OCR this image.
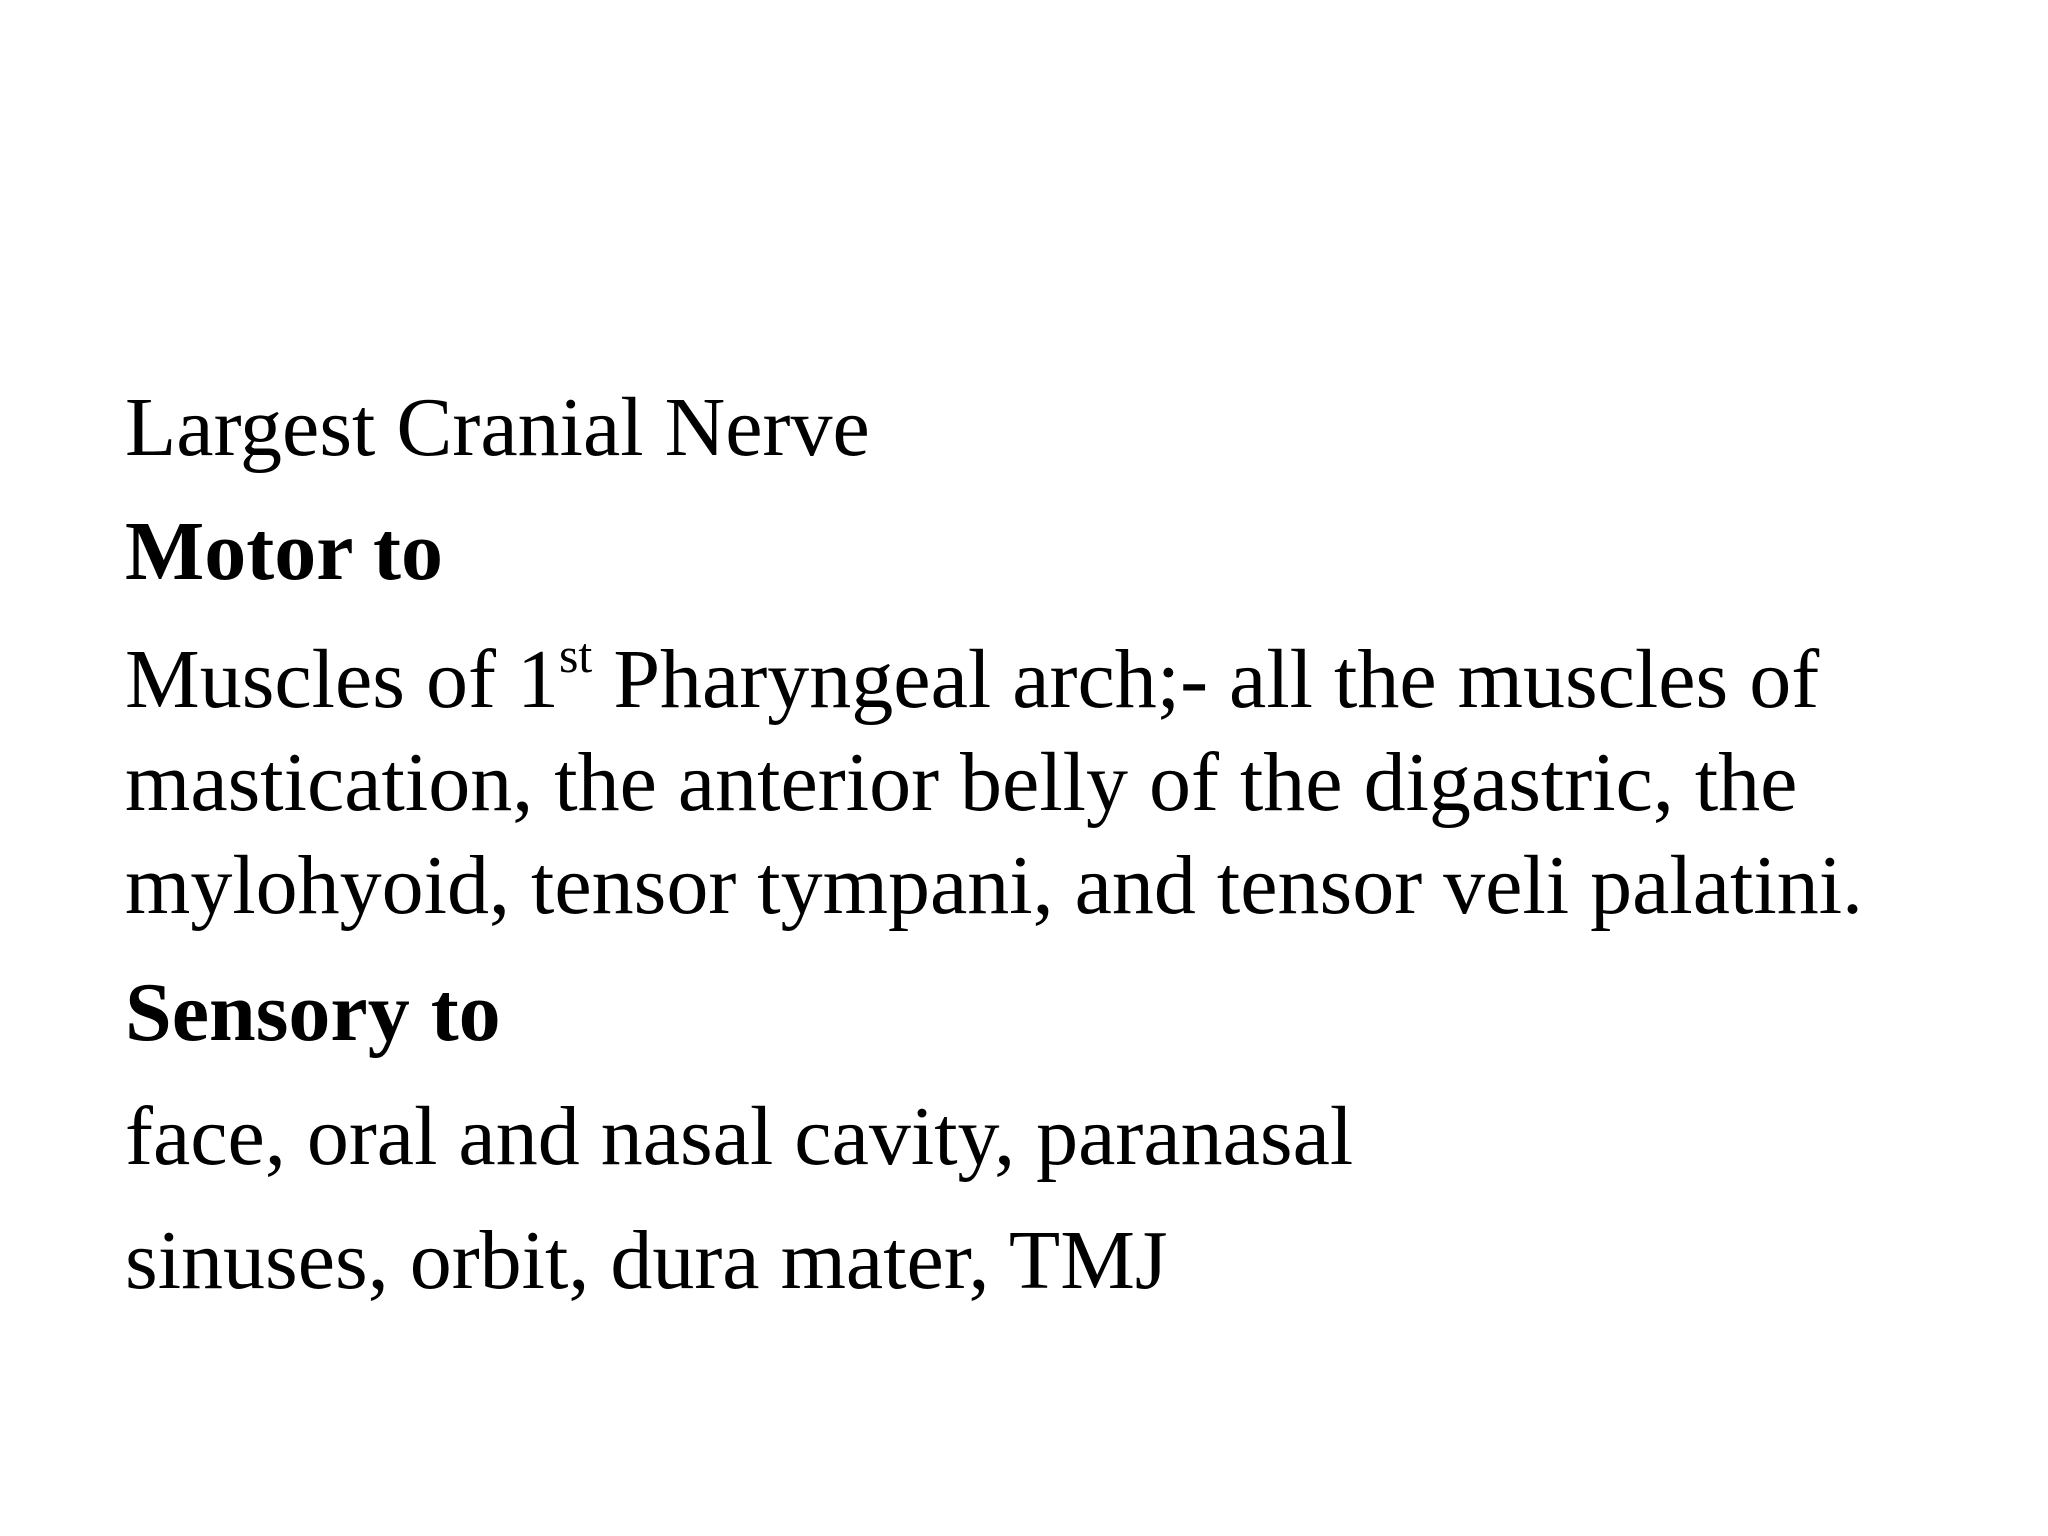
Largest Cranial Nerve

Motor to

Muscles of 1st Pharyngeal arch;- all the muscles of
mastication, the anterior belly of the digastric, the
mylohyoid, tensor tympani, and tensor veli palatini.

Sensory to

face, oral and nasal cavity, paranasal

sinuses, orbit, dura mater, TMJ
